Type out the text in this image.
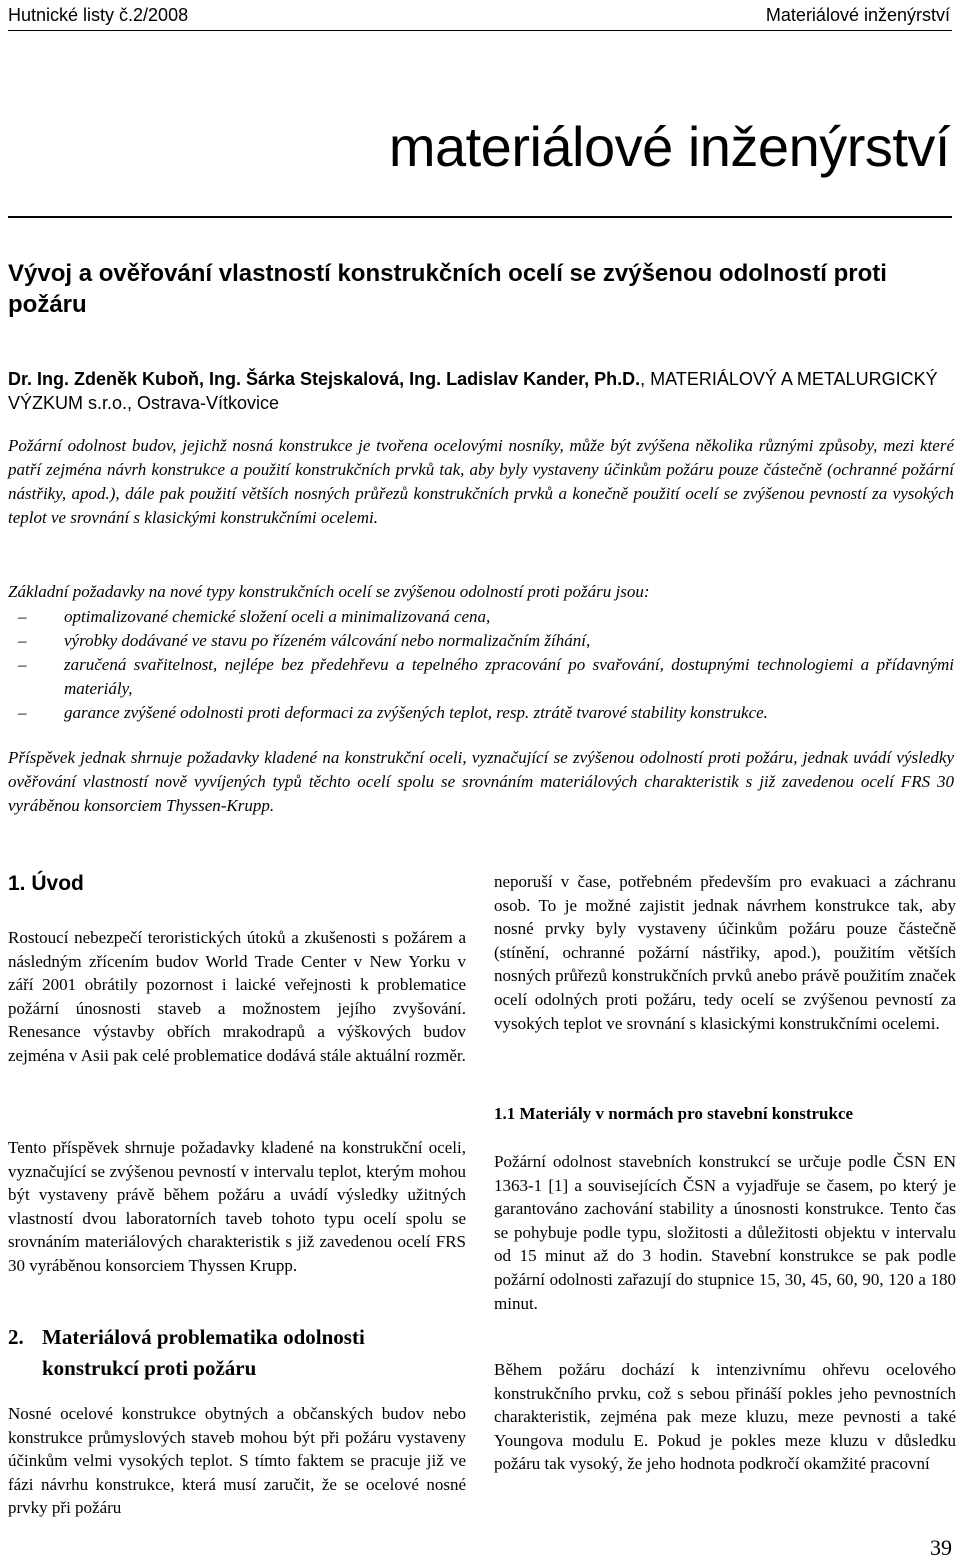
Hutnické listy č.2/2008	Materiálové inženýrství
materiálové inženýrství
Vývoj a ověřování vlastností konstrukčních ocelí se zvýšenou odolností proti požáru
Dr. Ing. Zdeněk Kuboň, Ing. Šárka Stejskalová, Ing. Ladislav Kander, Ph.D., MATERIÁLOVÝ A METALURGICKÝ VÝZKUM s.r.o., Ostrava-Vítkovice
Požární odolnost budov, jejichž nosná konstrukce je tvořena ocelovými nosníky, může být zvýšena několika různými způsoby, mezi které patří zejména návrh konstrukce a použití konstrukčních prvků tak, aby byly vystaveny účinkům požáru pouze částečně (ochranné požární nástřiky, apod.), dále pak použití větších nosných průřezů konstrukčních prvků a konečně použití ocelí se zvýšenou pevností za vysokých teplot ve srovnání s klasickými konstrukčními ocelemi.
Základní požadavky na nové typy konstrukčních ocelí se zvýšenou odolností proti požáru jsou:
– optimalizované chemické složení oceli a minimalizovaná cena,
– výrobky dodávané ve stavu po řízeném válcování nebo normalizačním žíhání,
– zaručená svařitelnost, nejlépe bez předehřevu a tepelného zpracování po svařování, dostupnými technologiemi a přídavnými materiály,
– garance zvýšené odolnosti proti deformaci za zvýšených teplot, resp. ztrátě tvarové stability konstrukce.
Příspěvek jednak shrnuje požadavky kladené na konstrukční oceli, vyznačující se zvýšenou odolností proti požáru, jednak uvádí výsledky ověřování vlastností nově vyvíjených typů těchto ocelí spolu se srovnáním materiálových charakteristik s již zavedenou ocelí FRS 30 vyráběnou konsorciem Thyssen-Krupp.
1. Úvod
Rostoucí nebezpečí teroristických útoků a zkušenosti s požárem a následným zřícením budov World Trade Center v New Yorku v září 2001 obrátily pozornost i laické veřejnosti k problematice požární únosnosti staveb a možnostem jejího zvyšování. Renesance výstavby obřích mrakodrapů a výškových budov zejména v Asii pak celé problematice dodává stále aktuální rozměr.
Tento příspěvek shrnuje požadavky kladené na konstrukční oceli, vyznačující se zvýšenou pevností v intervalu teplot, kterým mohou být vystaveny právě během požáru a uvádí výsledky užitných vlastností dvou laboratorních taveb tohoto typu ocelí spolu se srovnáním materiálových charakteristik s již zavedenou ocelí FRS 30 vyráběnou konsorciem Thyssen Krupp.
2. Materiálová problematika odolnosti konstrukcí proti požáru
Nosné ocelové konstrukce obytných a občanských budov nebo konstrukce průmyslových staveb mohou být při požáru vystaveny účinkům velmi vysokých teplot. S tímto faktem se pracuje již ve fázi návrhu konstrukce, která musí zaručit, že se ocelové nosné prvky při požáru
neporuší v čase, potřebném především pro evakuaci a záchranu osob. To je možné zajistit jednak návrhem konstrukce tak, aby nosné prvky byly vystaveny účinkům požáru pouze částečně (stínění, ochranné požární nástřiky, apod.), použitím větších nosných průřezů konstrukčních prvků anebo právě použitím značek ocelí odolných proti požáru, tedy ocelí se zvýšenou pevností za vysokých teplot ve srovnání s klasickými konstrukčními ocelemi.
1.1 Materiály v normách pro stavební konstrukce
Požární odolnost stavebních konstrukcí se určuje podle ČSN EN 1363-1 [1] a souvisejících ČSN a vyjadřuje se časem, po který je garantováno zachování stability a únosnosti konstrukce. Tento čas se pohybuje podle typu, složitosti a důležitosti objektu v intervalu od 15 minut až do 3 hodin. Stavební konstrukce se pak podle požární odolnosti zařazují do stupnice 15, 30, 45, 60, 90, 120 a 180 minut.
Během požáru dochází k intenzivnímu ohřevu ocelového konstrukčního prvku, což s sebou přináší pokles jeho pevnostních charakteristik, zejména pak meze kluzu, meze pevnosti a také Youngova modulu E. Pokud je pokles meze kluzu v důsledku požáru tak vysoký, že jeho hodnota podkročí okamžité pracovní
39
